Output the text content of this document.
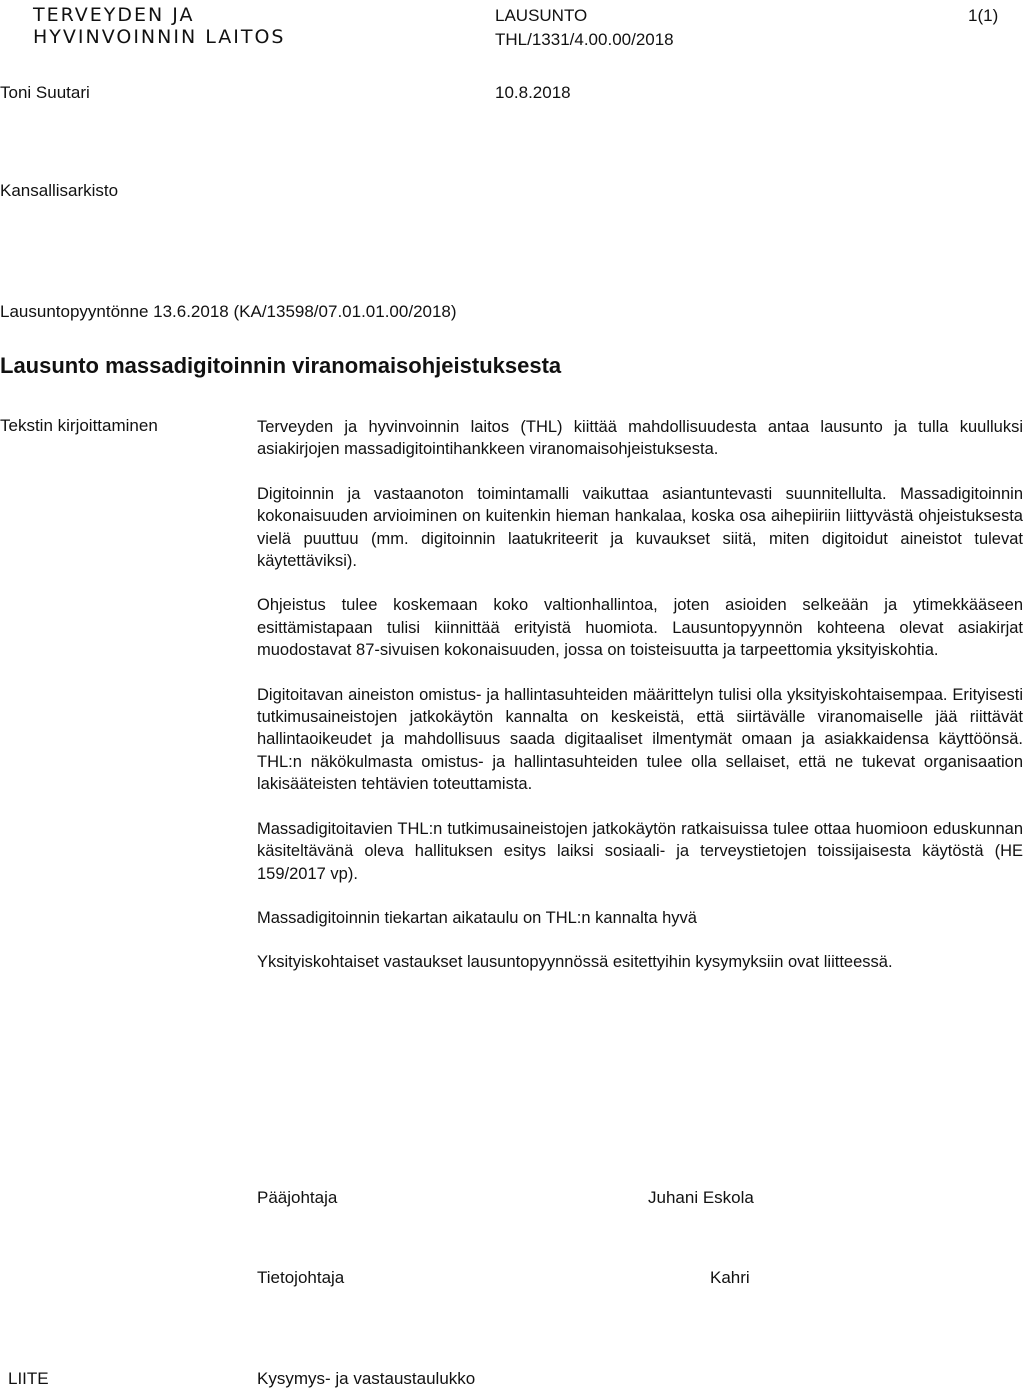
TERVEYDEN JA
HYVINVOINNIN LAITOS
LAUSUNTO
THL/1331/4.00.00/2018
1(1)
Toni Suutari	10.8.2018
Kansallisarkisto
Lausuntopyyntönne 13.6.2018 (KA/13598/07.01.01.00/2018)
Lausunto massadigitoinnin viranomaisohjeistuksesta
Tekstin kirjoittaminen	Terveyden ja hyvinvoinnin laitos (THL) kiittää mahdollisuudesta antaa lausunto ja tulla kuulluksi asiakirjojen massadigitointihankkeen viranomaisohjeistuksesta.

Digitoinnin ja vastaanoton toimintamalli vaikuttaa asiantuntevasti suunnitellulta. Massadigitoinnin kokonaisuuden arvioiminen on kuitenkin hieman hankalaa, koska osa aihepiiriin liittyvästä ohjeistuksesta vielä puuttuu (mm. digitoinnin laatukriteerit ja kuvaukset siitä, miten digitoidut aineistot tulevat käytettäviksi).

Ohjeistus tulee koskemaan koko valtionhallintoa, joten asioiden selkeään ja ytimekkääseen esittämistapaan tulisi kiinnittää erityistä huomiota. Lausuntopyynnön kohteena olevat asiakirjat muodostavat 87-sivuisen kokonaisuuden, jossa on toisteisuutta ja tarpeettomia yksityiskohtia.

Digitoitavan aineiston omistus- ja hallintasuhteiden määrittelyn tulisi olla yksityiskohtaisempaa. Erityisesti tutkimusaineistojen jatkokäytön kannalta on keskeistä, että siirtävälle viranomaiselle jää riittävät hallintaoikeudet ja mahdollisuus saada digitaaliset ilmentymät omaan ja asiakkaidensa käyttöönsä. THL:n näkökulmasta omistus- ja hallintasuhteiden tulee olla sellaiset, että ne tukevat organisaation lakisääteisten tehtävien toteuttamista.

Massadigitoitavien THL:n tutkimusaineistojen jatkokäytön ratkaisuissa tulee ottaa huomioon eduskunnan käsiteltävänä oleva hallituksen esitys laiksi sosiaali- ja terveystietojen toissijaisesta käytöstä (HE 159/2017 vp).

Massadigitoinnin tiekartan aikataulu on THL:n kannalta hyvä

Yksityiskohtaiset vastaukset lausuntopyynnössä esitettyihin kysymyksiin ovat liitteessä.

Pääjohtaja	Juhani Eskola
Tietojohtaja	Kahri
LIITE	Kysymys- ja vastaustaulukko
